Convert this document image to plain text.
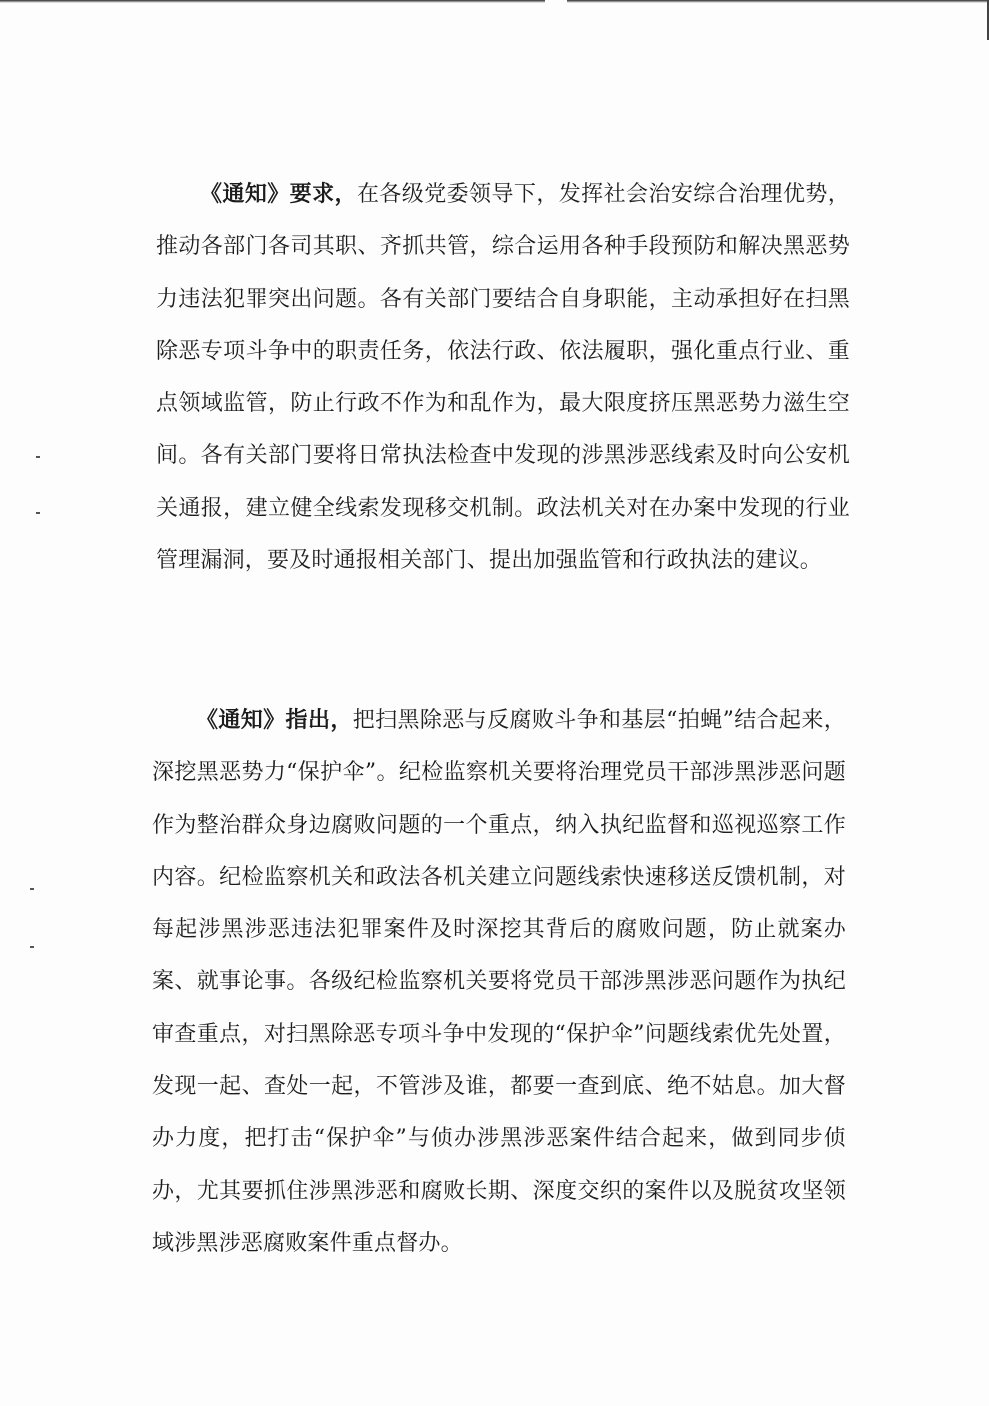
《通知》要求，在各级党委领导下，发挥社会治安综合治理优势，推动各部门各司其职、齐抓共管，综合运用各种手段预防和解决黑恶势力违法犯罪突出问题。各有关部门要结合自身职能，主动承担好在扫黑除恶专项斗争中的职责任务，依法行政、依法履职，强化重点行业、重点领域监管，防止行政不作为和乱作为，最大限度挤压黑恶势力滋生空间。各有关部门要将日常执法检查中发现的涉黑涉恶线索及时向公安机关通报，建立健全线索发现移交机制。政法机关对在办案中发现的行业管理漏洞，要及时通报相关部门、提出加强监管和行政执法的建议。

《通知》指出，把扫黑除恶与反腐败斗争和基层“拍蝇”结合起来，深挖黑恶势力“保护伞”。纪检监察机关要将治理党员干部涉黑涉恶问题作为整治群众身边腐败问题的一个重点，纳入执纪监督和巡视巡察工作内容。纪检监察机关和政法各机关建立问题线索快速移送反馈机制，对每起涉黑涉恶违法犯罪案件及时深挖其背后的腐败问题，防止就案办案、就事论事。各级纪检监察机关要将党员干部涉黑涉恶问题作为执纪审查重点，对扫黑除恶专项斗争中发现的“保护伞”问题线索优先处置，发现一起、查处一起，不管涉及谁，都要一查到底、绝不姑息。加大督办力度，把打击“保护伞”与侦办涉黑涉恶案件结合起来，做到同步侦办，尤其要抓住涉黑涉恶和腐败长期、深度交织的案件以及脱贫攻坚领域涉黑涉恶腐败案件重点督办。
